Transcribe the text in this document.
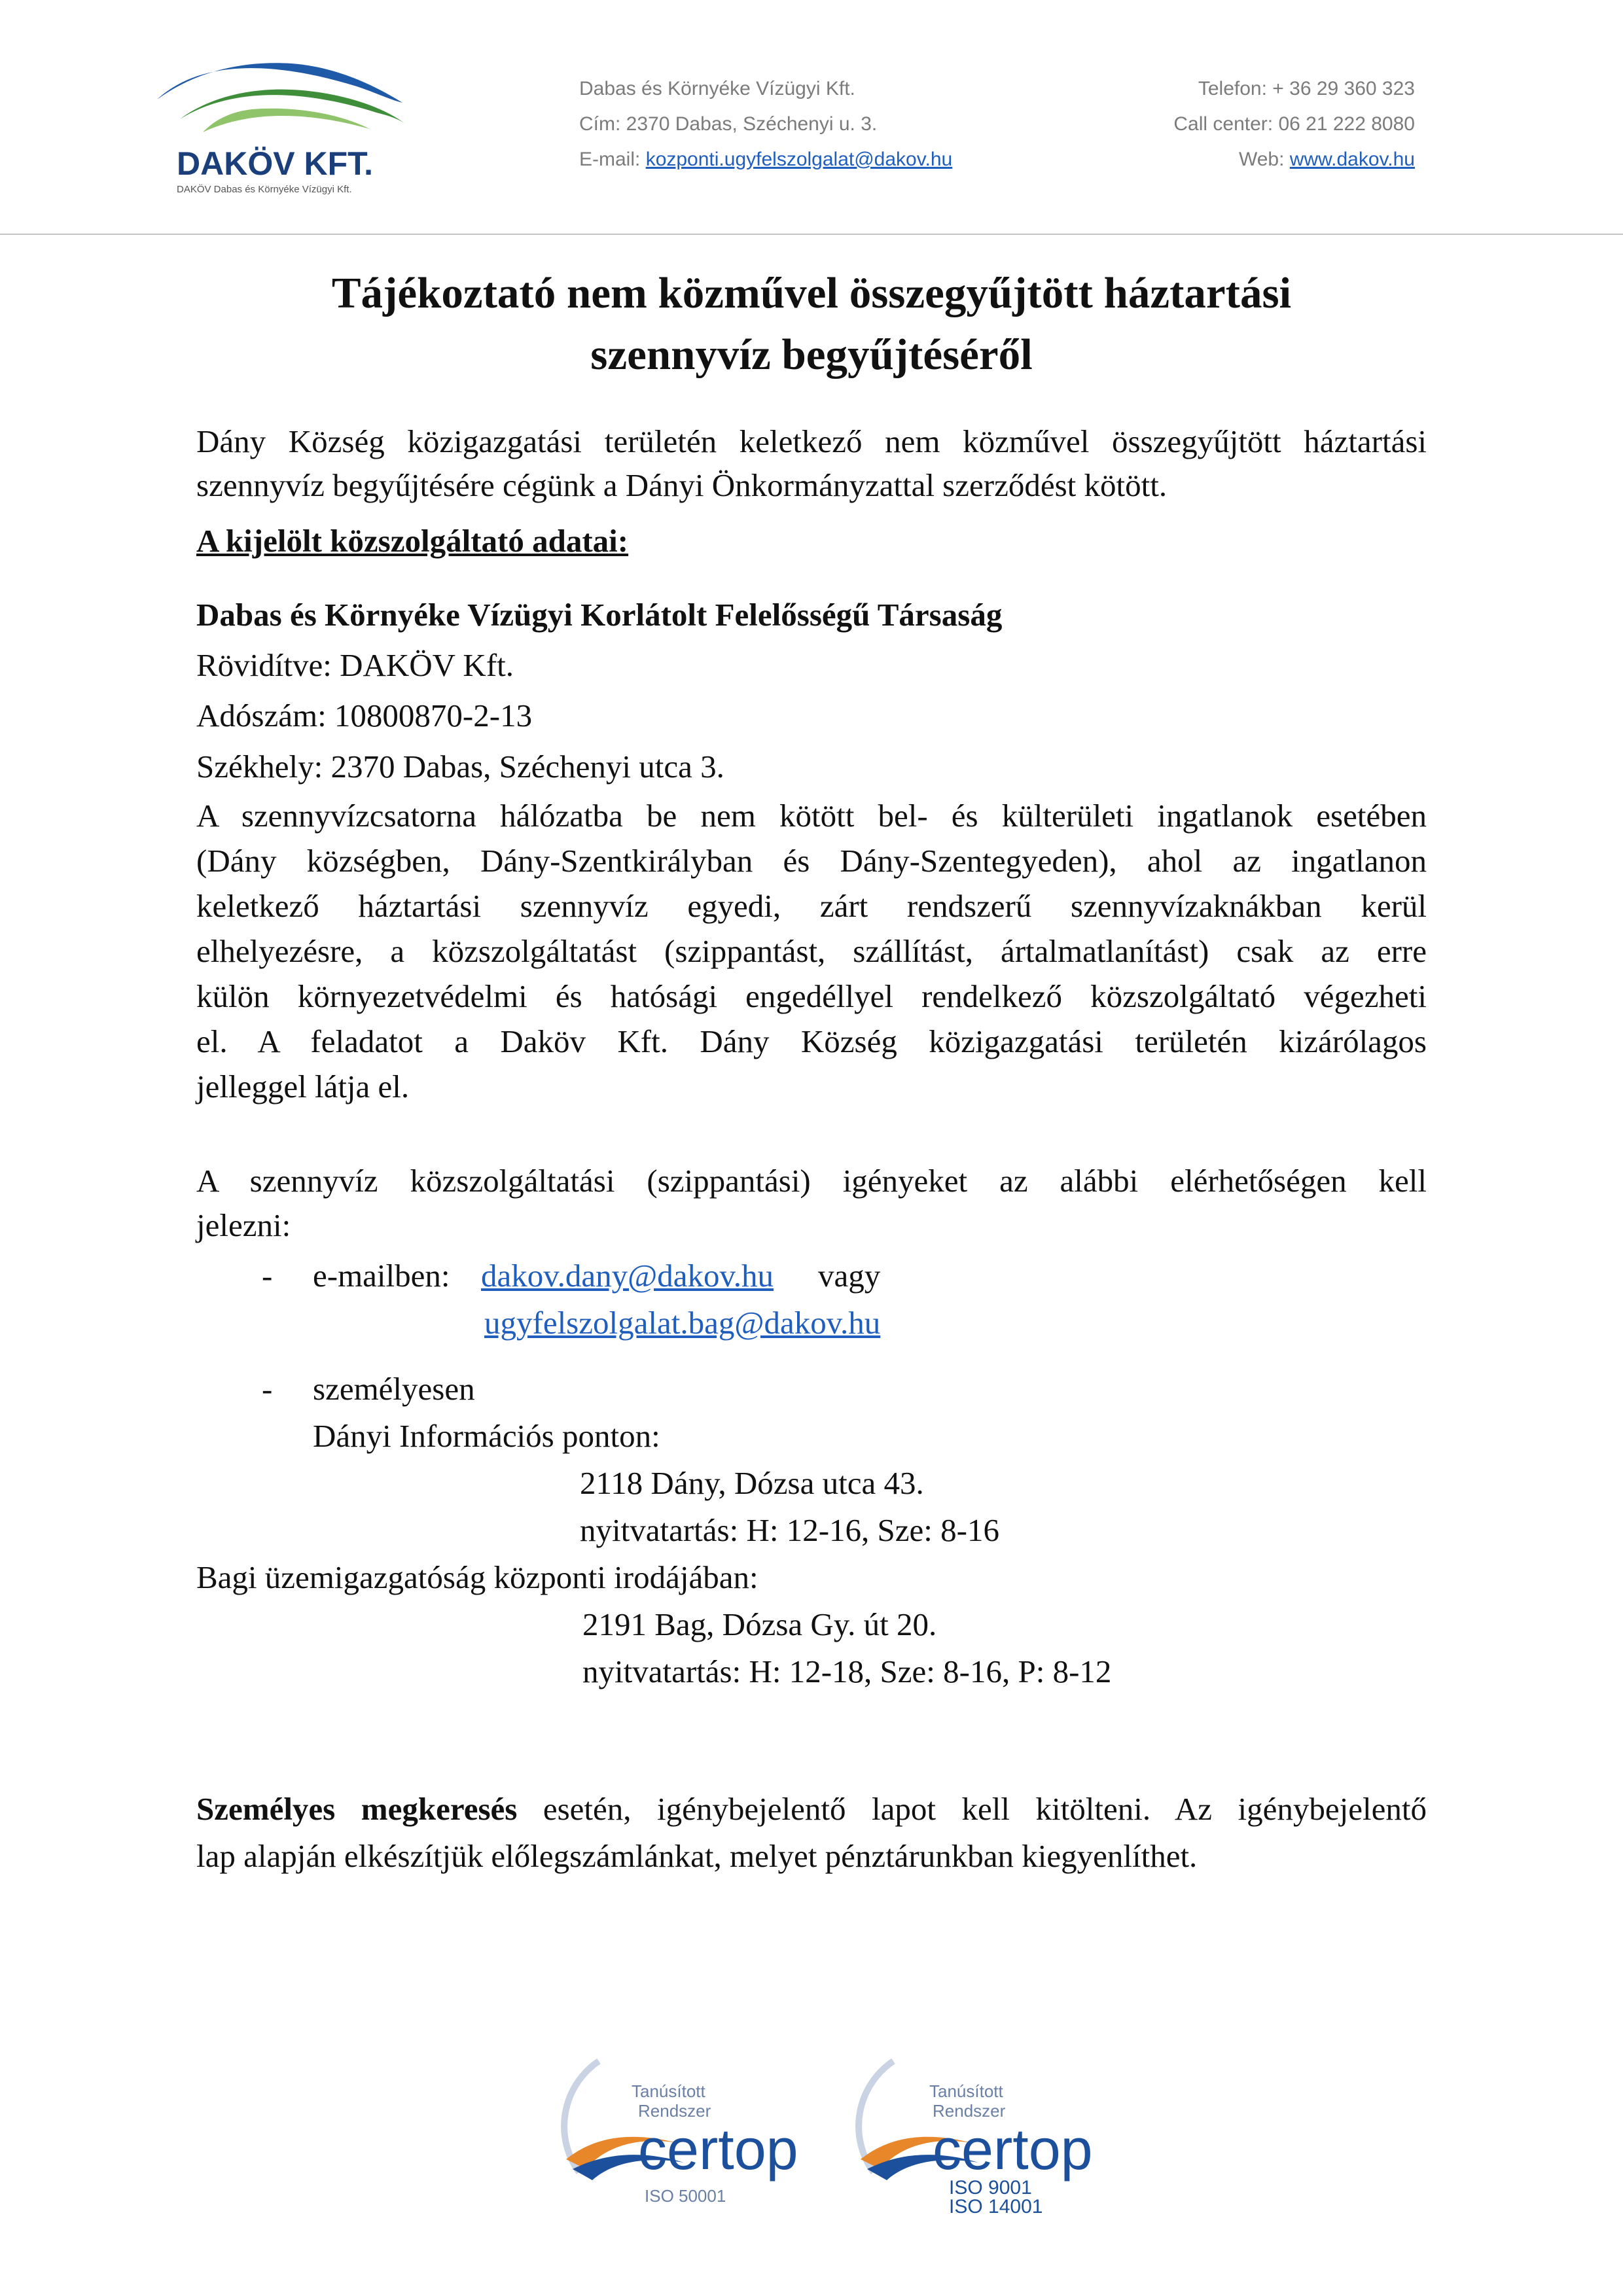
DAKÖV KFT.
DAKÖV Dabas és Környéke Vízügyi Kft.
Dabas és Környéke Vízügyi Kft.
Cím: 2370 Dabas, Széchenyi u. 3.
E-mail: kozponti.ugyfelszolgalat@dakov.hu
Telefon: + 36 29 360 323
Call center: 06 21 222 8080
Web: www.dakov.hu
Tájékoztató nem közművel összegyűjtött háztartási
szennyvíz begyűjtéséről
Dány Község közigazgatási területén keletkező nem közművel összegyűjtött háztartási
szennyvíz begyűjtésére cégünk a Dányi Önkormányzattal szerződést kötött.
A kijelölt közszolgáltató adatai:
Dabas és Környéke Vízügyi Korlátolt Felelősségű Társaság
Rövidítve: DAKÖV Kft.
Adószám: 10800870-2-13
Székhely: 2370 Dabas, Széchenyi utca 3.
A szennyvízcsatorna hálózatba be nem kötött bel- és külterületi ingatlanok esetében
(Dány községben, Dány-Szentkirályban és Dány-Szentegyeden), ahol az ingatlanon
keletkező háztartási szennyvíz egyedi, zárt rendszerű szennyvízaknákban kerül
elhelyezésre, a közszolgáltatást (szippantást, szállítást, ártalmatlanítást) csak az erre
külön környezetvédelmi és hatósági engedéllyel rendelkező közszolgáltató végezheti
el. A feladatot a Daköv Kft. Dány Község közigazgatási területén kizárólagos
jelleggel látja el.
A szennyvíz közszolgáltatási (szippantási) igényeket az alábbi elérhetőségen kell
jelezni:
- e-mailben: dakov.dany@dakov.hu vagy
ugyfelszolgalat.bag@dakov.hu
- személyesen
Dányi Információs ponton:
2118 Dány, Dózsa utca 43.
nyitvatartás: H: 12-16, Sze: 8-16
Bagi üzemigazgatóság központi irodájában:
2191 Bag, Dózsa Gy. út 20.
nyitvatartás: H: 12-18, Sze: 8-16, P: 8-12
Személyes megkeresés esetén, igénybejelentő lapot kell kitölteni. Az igénybejelentő
lap alapján elkészítjük előlegszámlánkat, melyet pénztárunkban kiegyenlíthet.
Tanúsított
Rendszer
certop
ISO 50001
Tanúsított
Rendszer
certop
ISO 9001
ISO 14001
